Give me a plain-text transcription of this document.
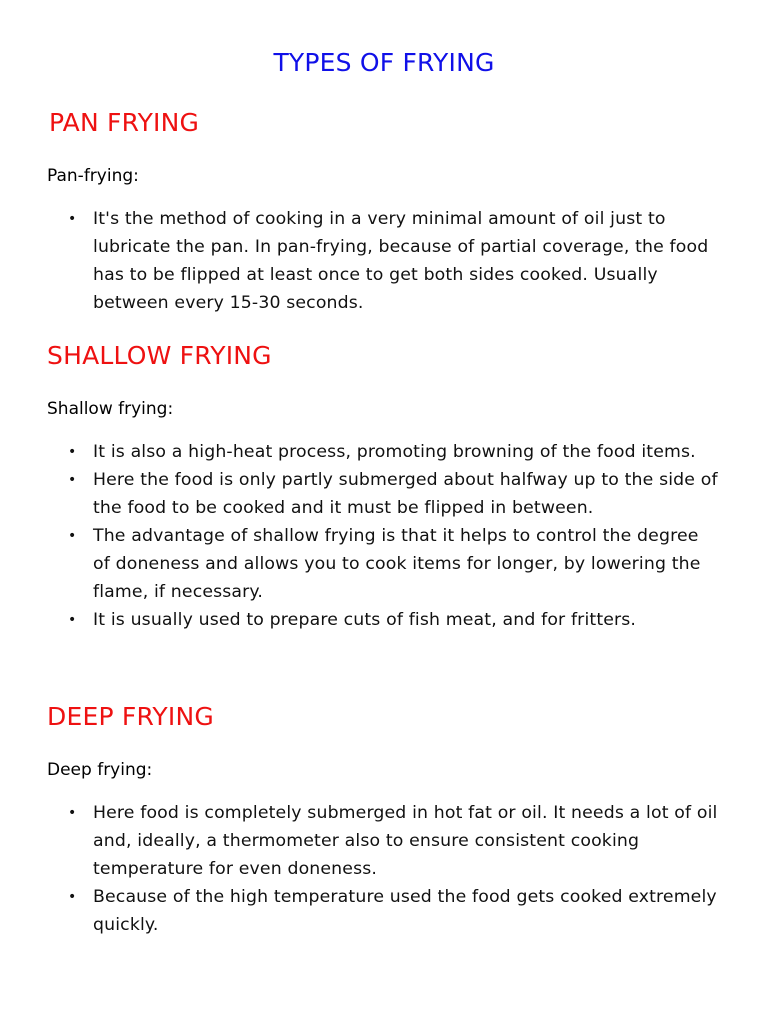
TYPES OF FRYING
PAN FRYING

Pan-frying:

• It's the method of cooking in a very minimal amount of oil just to lubricate the pan. In pan-frying, because of partial coverage, the food has to be flipped at least once to get both sides cooked. Usually between every 15-30 seconds.
SHALLOW FRYING

Shallow frying:

• It is also a high-heat process, promoting browning of the food items.
• Here the food is only partly submerged about halfway up to the side of the food to be cooked and it must be flipped in between.
• The advantage of shallow frying is that it helps to control the degree of doneness and allows you to cook items for longer, by lowering the flame, if necessary.
• It is usually used to prepare cuts of fish meat, and for fritters.
DEEP FRYING

Deep frying:

• Here food is completely submerged in hot fat or oil. It needs a lot of oil and, ideally, a thermometer also to ensure consistent cooking temperature for even doneness.
• Because of the high temperature used the food gets cooked extremely quickly.
